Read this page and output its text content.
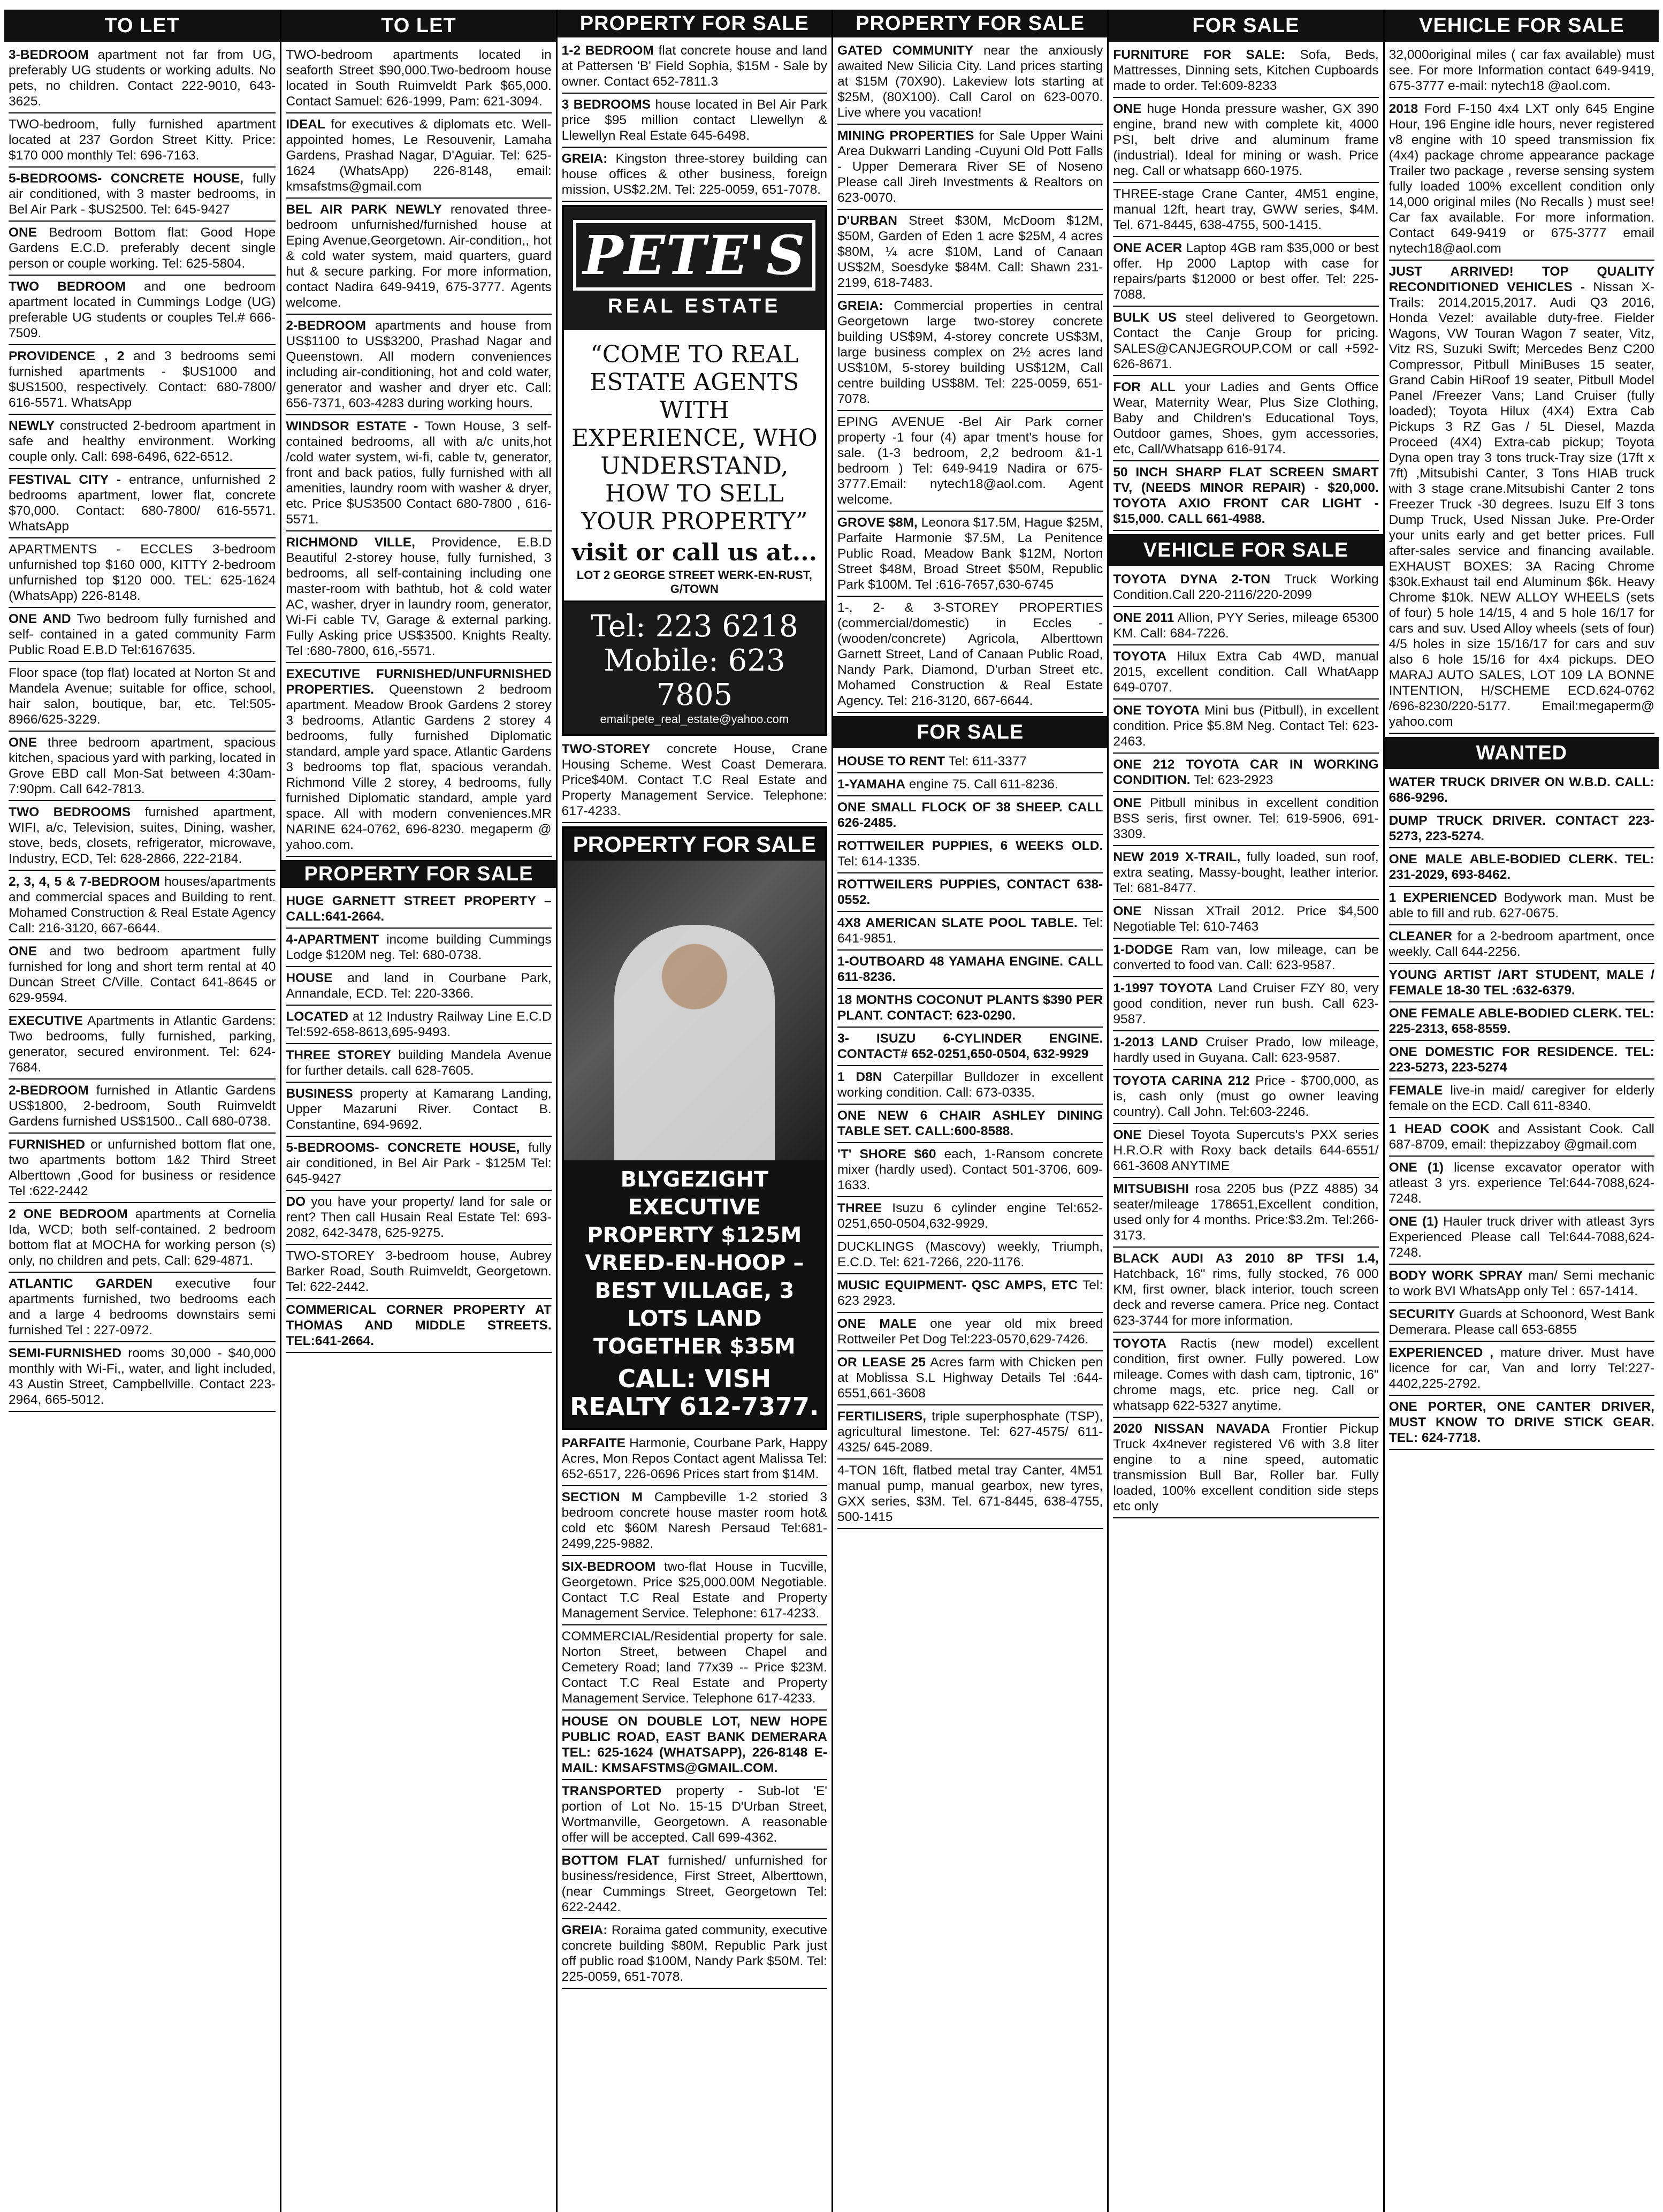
TO LET
3-BEDROOM apartment not far from UG, preferably UG students or working adults. No pets, no children. Contact 222-9010, 643-3625.
TWO-bedroom, fully furnished apartment located at 237 Gordon Street Kitty. Price: $170 000 monthly Tel: 696-7163.
5-BEDROOMS- CONCRETE HOUSE, fully air conditioned, with 3 master bedrooms, in Bel Air Park - $US2500. Tel: 645-9427
ONE Bedroom Bottom flat: Good Hope Gardens E.C.D. preferably decent single person or couple working. Tel: 625-5804.
TWO BEDROOM and one bedroom apartment located in Cummings Lodge (UG) preferable UG students or couples Tel.# 666-7509.
PROVIDENCE , 2 and 3 bedrooms semi furnished apartments - $US1000 and $US1500, respectively. Contact: 680-7800/ 616-5571. WhatsApp
NEWLY constructed 2-bedroom apartment in safe and healthy environment. Working couple only. Call: 698-6496, 622-6512.
FESTIVAL CITY - entrance, unfurnished 2 bedrooms apartment, lower flat, concrete $70,000. Contact: 680-7800/ 616-5571. WhatsApp
APARTMENTS - ECCLES 3-bedroom unfurnished top $160 000, KITTY 2-bedroom unfurnished top $120 000. TEL: 625-1624 (WhatsApp) 226-8148.
ONE AND Two bedroom fully furnished and self- contained in a gated community Farm Public Road E.B.D Tel:6167635.
Floor space (top flat) located at Norton St and Mandela Avenue; suitable for office, school, hair salon, boutique, bar, etc. Tel:505-8966/625-3229.
ONE three bedroom apartment, spacious kitchen, spacious yard with parking, located in Grove EBD call Mon-Sat between 4:30am-7:90pm. Call 642-7813.
TWO BEDROOMS furnished apartment, WIFI, a/c, Television, suites, Dining, washer, stove, beds, closets, refrigerator, microwave, Industry, ECD, Tel: 628-2866, 222-2184.
2, 3, 4, 5 & 7-BEDROOM houses/apartments and commercial spaces and Building to rent. Mohamed Construction & Real Estate Agency Call: 216-3120, 667-6644.
ONE and two bedroom apartment fully furnished for long and short term rental at 40 Duncan Street C/Ville. Contact 641-8645 or 629-9594.
EXECUTIVE Apartments in Atlantic Gardens: Two bedrooms, fully furnished, parking, generator, secured environment. Tel: 624-7684.
2-BEDROOM furnished in Atlantic Gardens US$1800, 2-bedroom, South Ruimveldt Gardens furnished US$1500.. Call 680-0738.
FURNISHED or unfurnished bottom flat one, two apartments bottom 1&2 Third Street Alberttown ,Good for business or residence Tel :622-2442
2 ONE BEDROOM apartments at Cornelia Ida, WCD; both self-contained. 2 bedroom bottom flat at MOCHA for working person (s) only, no children and pets. Call: 629-4871.
ATLANTIC GARDEN executive four apartments furnished, two bedrooms each and a large 4 bedrooms downstairs semi furnished Tel : 227-0972.
SEMI-FURNISHED rooms 30,000 - $40,000 monthly with Wi-Fi,, water, and light included, 43 Austin Street, Campbellville. Contact 223-2964, 665-5012.
TO LET
TWO-bedroom apartments located in seaforth Street $90,000.Two-bedroom house located in South Ruimveldt Park $65,000. Contact Samuel: 626-1999, Pam: 621-3094.
IDEAL for executives & diplomats etc. Well-appointed homes, Le Resouvenir, Lamaha Gardens, Prashad Nagar, D'Aguiar. Tel: 625-1624 (WhatsApp) 226-8148, email: kmsafstms@gmail.com
BEL AIR PARK NEWLY renovated three-bedroom unfurnished/furnished house at Eping Avenue,Georgetown. Air-condition,, hot & cold water system, maid quarters, guard hut & secure parking. For more information, contact Nadira 649-9419, 675-3777. Agents welcome.
2-BEDROOM apartments and house from US$1100 to US$3200, Prashad Nagar and Queenstown. All modern conveniences including air-conditioning, hot and cold water, generator and washer and dryer etc. Call: 656-7371, 603-4283 during working hours.
WINDSOR ESTATE - Town House, 3 self- contained bedrooms, all with a/c units,hot /cold water system, wi-fi, cable tv, generator, front and back patios, fully furnished with all amenities, laundry room with washer & dryer, etc. Price $US3500 Contact 680-7800 , 616-5571.
RICHMOND VILLE, Providence, E.B.D Beautiful 2-storey house, fully furnished, 3 bedrooms, all self-containing including one master-room with bathtub, hot & cold water AC, washer, dryer in laundry room, generator, Wi-Fi cable TV, Garage & external parking. Fully Asking price US$3500. Knights Realty. Tel :680-7800, 616,-5571.
EXECUTIVE FURNISHED/UNFURNISHED PROPERTIES. Queenstown 2 bedroom apartment. Meadow Brook Gardens 2 storey 3 bedrooms. Atlantic Gardens 2 storey 4 bedrooms, fully furnished Diplomatic standard, ample yard space. Atlantic Gardens 3 bedrooms top flat, spacious verandah. Richmond Ville 2 storey, 4 bedrooms, fully furnished Diplomatic standard, ample yard space. All with modern conveniences.MR NARINE 624-0762, 696-8230. megaperm @ yahoo.com.
PROPERTY FOR SALE
HUGE GARNETT STREET PROPERTY – CALL:641-2664.
4-APARTMENT income building Cummings Lodge $120M neg. Tel: 680-0738.
HOUSE and land in Courbane Park, Annandale, ECD. Tel: 220-3366.
LOCATED at 12 Industry Railway Line E.C.D Tel:592-658-8613,695-9493.
THREE STOREY building Mandela Avenue for further details. call 628-7605.
BUSINESS property at Kamarang Landing, Upper Mazaruni River. Contact B. Constantine, 694-9692.
5-BEDROOMS- CONCRETE HOUSE, fully air conditioned, in Bel Air Park - $125M Tel: 645-9427
DO you have your property/ land for sale or rent? Then call Husain Real Estate Tel: 693-2082, 642-3478, 625-9275.
TWO-STOREY 3-bedroom house, Aubrey Barker Road, South Ruimveldt, Georgetown. Tel: 622-2442.
COMMERICAL CORNER PROPERTY AT THOMAS AND MIDDLE STREETS. TEL:641-2664.
PROPERTY FOR SALE
1-2 BEDROOM flat concrete house and land at Pattersen 'B' Field Sophia, $15M - Sale by owner. Contact 652-7811.3
3 BEDROOMS house located in Bel Air Park price $95 million contact Llewellyn & Llewellyn Real Estate 645-6498.
GREIA: Kingston three-storey building can house offices & other business, foreign mission, US$2.2M. Tel: 225-0059, 651-7078.
PETE'S
REAL ESTATE
“COME TO REAL ESTATE AGENTS WITH EXPERIENCE, WHO UNDERSTAND, HOW TO SELL YOUR PROPERTY”
visit or call us at...
LOT 2 GEORGE STREET WERK-EN-RUST, G/TOWN
Tel: 223 6218
Mobile: 623 7805
email:pete_real_estate@yahoo.com
TWO-STOREY concrete House, Crane Housing Scheme. West Coast Demerara. Price$40M. Contact T.C Real Estate and Property Management Service. Telephone: 617-4233.
PROPERTY FOR SALE
BLYGEZIGHT EXECUTIVE PROPERTY $125M VREED-EN-HOOP – BEST VILLAGE, 3 LOTS LAND TOGETHER $35M
CALL: VISH REALTY 612-7377.
PARFAITE Harmonie, Courbane Park, Happy Acres, Mon Repos Contact agent Malissa Tel: 652-6517, 226-0696 Prices start from $14M.
SECTION M Campbeville 1-2 storied 3 bedroom concrete house master room hot& cold etc $60M Naresh Persaud Tel:681-2499,225-9882.
SIX-BEDROOM two-flat House in Tucville, Georgetown. Price $25,000.00M Negotiable. Contact T.C Real Estate and Property Management Service. Telephone: 617-4233.
COMMERCIAL/Residential property for sale. Norton Street, between Chapel and Cemetery Road; land 77x39 -- Price $23M. Contact T.C Real Estate and Property Management Service. Telephone 617-4233.
HOUSE ON DOUBLE LOT, NEW HOPE PUBLIC ROAD, EAST BANK DEMERARA TEL: 625-1624 (WHATSAPP), 226-8148 E-MAIL: KMSAFSTMS@GMAIL.COM.
TRANSPORTED property - Sub-lot 'E' portion of Lot No. 15-15 D'Urban Street, Wortmanville, Georgetown. A reasonable offer will be accepted. Call 699-4362.
BOTTOM FLAT furnished/ unfurnished for business/residence, First Street, Alberttown, (near Cummings Street, Georgetown Tel: 622-2442.
GREIA: Roraima gated community, executive concrete building $80M, Republic Park just off public road $100M, Nandy Park $50M. Tel: 225-0059, 651-7078.
PROPERTY FOR SALE
GATED COMMUNITY near the anxiously awaited New Silicia City. Land prices starting at $15M (70X90). Lakeview lots starting at $25M, (80X100). Call Carol on 623-0070. Live where you vacation!
MINING PROPERTIES for Sale Upper Waini Area Dukwarri Landing -Cuyuni Old Pott Falls - Upper Demerara River SE of Noseno Please call Jireh Investments & Realtors on 623-0070.
D'URBAN Street $30M, McDoom $12M, $50M, Garden of Eden 1 acre $25M, 4 acres $80M, ¼ acre $10M, Land of Canaan US$2M, Soesdyke $84M. Call: Shawn 231-2199, 618-7483.
GREIA: Commercial properties in central Georgetown large two-storey concrete building US$9M, 4-storey concrete US$3M, large business complex on 2½ acres land US$10M, 5-storey building US$12M, Call centre building US$8M. Tel: 225-0059, 651-7078.
EPING AVENUE -Bel Air Park corner property -1 four (4) apar tment's house for sale. (1-3 bedroom, 2,2 bedroom &1-1 bedroom ) Tel: 649-9419 Nadira or 675-3777.Email: nytech18@aol.com. Agent welcome.
GROVE $8M, Leonora $17.5M, Hague $25M, Parfaite Harmonie $7.5M, La Penitence Public Road, Meadow Bank $12M, Norton Street $48M, Broad Street $50M, Republic Park $100M. Tel :616-7657,630-6745
1-, 2- & 3-STOREY PROPERTIES (commercial/domestic) in Eccles - (wooden/concrete) Agricola, Alberttown Garnett Street, Land of Canaan Public Road, Nandy Park, Diamond, D'urban Street etc. Mohamed Construction & Real Estate Agency. Tel: 216-3120, 667-6644.
FOR SALE
HOUSE TO RENT Tel: 611-3377
1-YAMAHA engine 75. Call 611-8236.
ONE SMALL FLOCK OF 38 SHEEP. CALL 626-2485.
ROTTWEILER PUPPIES, 6 WEEKS OLD. Tel: 614-1335.
ROTTWEILERS PUPPIES, CONTACT 638-0552.
4X8 AMERICAN SLATE POOL TABLE. Tel: 641-9851.
1-OUTBOARD 48 YAMAHA ENGINE. CALL 611-8236.
18 MONTHS COCONUT PLANTS $390 PER PLANT. CONTACT: 623-0290.
3- ISUZU 6-CYLINDER ENGINE. CONTACT# 652-0251,650-0504, 632-9929
1 D8N Caterpillar Bulldozer in excellent working condition. Call: 673-0335.
ONE NEW 6 CHAIR ASHLEY DINING TABLE SET. CALL:600-8588.
'T' SHORE $60 each, 1-Ransom concrete mixer (hardly used). Contact 501-3706, 609-1633.
THREE Isuzu 6 cylinder engine Tel:652-0251,650-0504,632-9929.
DUCKLINGS (Mascovy) weekly, Triumph, E.C.D. Tel: 621-7266, 220-1176.
MUSIC EQUIPMENT- QSC AMPS, ETC Tel: 623 2923.
ONE MALE one year old mix breed Rottweiler Pet Dog Tel:223-0570,629-7426.
OR LEASE 25 Acres farm with Chicken pen at Moblissa S.L Highway Details Tel :644-6551,661-3608
FERTILISERS, triple superphosphate (TSP), agricultural limestone. Tel: 627-4575/ 611-4325/ 645-2089.
4-TON 16ft, flatbed metal tray Canter, 4M51 manual pump, manual gearbox, new tyres, GXX series, $3M. Tel. 671-8445, 638-4755, 500-1415
FOR SALE
FURNITURE FOR SALE: Sofa, Beds, Mattresses, Dinning sets, Kitchen Cupboards made to order. Tel:609-8233
ONE huge Honda pressure washer, GX 390 engine, brand new with complete kit, 4000 PSI, belt drive and aluminum frame (industrial). Ideal for mining or wash. Price neg. Call or whatsapp 660-1975.
THREE-stage Crane Canter, 4M51 engine, manual 12ft, heart tray, GWW series, $4M. Tel. 671-8445, 638-4755, 500-1415.
ONE ACER Laptop 4GB ram $35,000 or best offer. Hp 2000 Laptop with case for repairs/parts $12000 or best offer. Tel: 225-7088.
BULK US steel delivered to Georgetown. Contact the Canje Group for pricing. SALES@CANJEGROUP.COM or call +592-626-8671.
FOR ALL your Ladies and Gents Office Wear, Maternity Wear, Plus Size Clothing, Baby and Children's Educational Toys, Outdoor games, Shoes, gym accessories, etc, Call/Whatsapp 616-9174.
50 INCH SHARP FLAT SCREEN SMART TV, (NEEDS MINOR REPAIR) - $20,000. TOYOTA AXIO FRONT CAR LIGHT - $15,000. CALL 661-4988.
VEHICLE FOR SALE
TOYOTA DYNA 2-TON Truck Working Condition.Call 220-2116/220-2099
ONE 2011 Allion, PYY Series, mileage 65300 KM. Call: 684-7226.
TOYOTA Hilux Extra Cab 4WD, manual 2015, excellent condition. Call WhatAapp 649-0707.
ONE TOYOTA Mini bus (Pitbull), in excellent condition. Price $5.8M Neg. Contact Tel: 623-2463.
ONE 212 TOYOTA CAR IN WORKING CONDITION. Tel: 623-2923
ONE Pitbull minibus in excellent condition BSS seris, first owner. Tel: 619-5906, 691-3309.
NEW 2019 X-TRAIL, fully loaded, sun roof, extra seating, Massy-bought, leather interior. Tel: 681-8477.
ONE Nissan XTrail 2012. Price $4,500 Negotiable Tel: 610-7463
1-DODGE Ram van, low mileage, can be converted to food van. Call: 623-9587.
1-1997 TOYOTA Land Cruiser FZY 80, very good condition, never run bush. Call 623-9587.
1-2013 LAND Cruiser Prado, low mileage, hardly used in Guyana. Call: 623-9587.
TOYOTA CARINA 212 Price - $700,000, as is, cash only (must go owner leaving country). Call John. Tel:603-2246.
ONE Diesel Toyota Supercuts's PXX series H.R.O.R with Roxy back details 644-6551/ 661-3608 ANYTIME
MITSUBISHI rosa 2205 bus (PZZ 4885) 34 seater/mileage 178651,Excellent condition, used only for 4 months. Price:$3.2m. Tel:266-3173.
BLACK AUDI A3 2010 8P TFSI 1.4, Hatchback, 16" rims, fully stocked, 76 000 KM, first owner, black interior, touch screen deck and reverse camera. Price neg. Contact 623-3744 for more information.
TOYOTA Ractis (new model) excellent condition, first owner. Fully powered. Low mileage. Comes with dash cam, tiptronic, 16" chrome mags, etc. price neg. Call or whatsapp 622-5327 anytime.
2020 NISSAN NAVADA Frontier Pickup Truck 4x4never registered V6 with 3.8 liter engine to a nine speed, automatic transmission Bull Bar, Roller bar. Fully loaded, 100% excellent condition side steps etc only
VEHICLE FOR SALE
32,000original miles ( car fax available) must see. For more Information contact 649-9419, 675-3777 e-mail: nytech18 @aol.com.
2018 Ford F-150 4x4 LXT only 645 Engine Hour, 196 Engine idle hours, never registered v8 engine with 10 speed transmission fix (4x4) package chrome appearance package Trailer two package , reverse sensing system fully loaded 100% excellent condition only 14,000 original miles (No Recalls ) must see! Car fax available. For more information. Contact 649-9419 or 675-3777 email nytech18@aol.com
JUST ARRIVED! TOP QUALITY RECONDITIONED VEHICLES - Nissan X-Trails: 2014,2015,2017. Audi Q3 2016, Honda Vezel: available duty-free. Fielder Wagons, VW Touran Wagon 7 seater, Vitz, Vitz RS, Suzuki Swift; Mercedes Benz C200 Compressor, Pitbull MiniBuses 15 seater, Grand Cabin HiRoof 19 seater, Pitbull Model Panel /Freezer Vans; Land Cruiser (fully loaded); Toyota Hilux (4X4) Extra Cab Pickups 3 RZ Gas / 5L Diesel, Mazda Proceed (4X4) Extra-cab pickup; Toyota Dyna open tray 3 tons truck-Tray size (17ft x 7ft) ,Mitsubishi Canter, 3 Tons HIAB truck with 3 stage crane.Mitsubishi Canter 2 tons Freezer Truck -30 degrees. Isuzu Elf 3 tons Dump Truck, Used Nissan Juke. Pre-Order your units early and get better prices. Full after-sales service and financing available. EXHAUST BOXES: 3A Racing Chrome $30k.Exhaust tail end Aluminum $6k. Heavy Chrome $10k. NEW ALLOY WHEELS (sets of four) 5 hole 14/15, 4 and 5 hole 16/17 for cars and suv. Used Alloy wheels (sets of four) 4/5 holes in size 15/16/17 for cars and suv also 6 hole 15/16 for 4x4 pickups. DEO MARAJ AUTO SALES, LOT 109 LA BONNE INTENTION, H/SCHEME ECD.624-0762 /696-8230/220-5177. Email:megaperm@ yahoo.com
WANTED
WATER TRUCK DRIVER ON W.B.D. CALL: 686-9296.
DUMP TRUCK DRIVER. CONTACT 223-5273, 223-5274.
ONE MALE ABLE-BODIED CLERK. TEL: 231-2029, 693-8462.
1 EXPERIENCED Bodywork man. Must be able to fill and rub. 627-0675.
CLEANER for a 2-bedroom apartment, once weekly. Call 644-2256.
YOUNG ARTIST /ART STUDENT, MALE / FEMALE 18-30 TEL :632-6379.
ONE FEMALE ABLE-BODIED CLERK. TEL: 225-2313, 658-8559.
ONE DOMESTIC FOR RESIDENCE. TEL: 223-5273, 223-5274
FEMALE live-in maid/ caregiver for elderly female on the ECD. Call 611-8340.
1 HEAD COOK and Assistant Cook. Call 687-8709, email: thepizzaboy @gmail.com
ONE (1) license excavator operator with atleast 3 yrs. experience Tel:644-7088,624-7248.
ONE (1) Hauler truck driver with atleast 3yrs Experienced Please call Tel:644-7088,624-7248.
BODY WORK SPRAY man/ Semi mechanic to work BVI WhatsApp only Tel : 657-1414.
SECURITY Guards at Schoonord, West Bank Demerara. Please call 653-6855
EXPERIENCED , mature driver. Must have licence for car, Van and lorry Tel:227-4402,225-2792.
ONE PORTER, ONE CANTER DRIVER, MUST KNOW TO DRIVE STICK GEAR. TEL: 624-7718.
